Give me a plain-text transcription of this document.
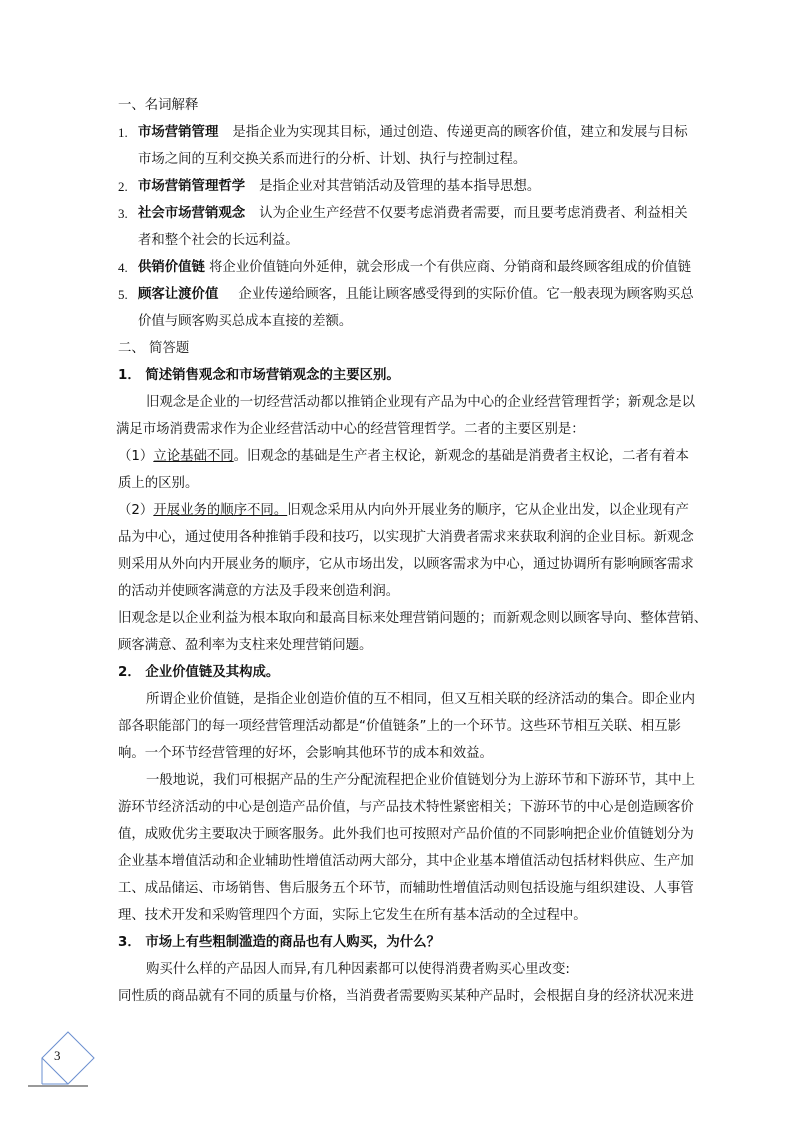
一、名词解释
1. 市场营销管理 是指企业为实现其目标，通过创造、传递更高的顾客价值，建立和发展与目标
市场之间的互利交换关系而进行的分析、计划、执行与控制过程。
2. 市场营销管理哲学 是指企业对其营销活动及管理的基本指导思想。
3. 社会市场营销观念 认为企业生产经营不仅要考虑消费者需要，而且要考虑消费者、利益相关
者和整个社会的长远利益。
4. 供销价值链 将企业价值链向外延伸，就会形成一个有供应商、分销商和最终顾客组成的价值链
5. 顾客让渡价值 企业传递给顾客，且能让顾客感受得到的实际价值。它一般表现为顾客购买总
价值与顾客购买总成本直接的差额。
二、 简答题
1． 简述销售观念和市场营销观念的主要区别。
旧观念是企业的一切经营活动都以推销企业现有产品为中心的企业经营管理哲学；新观念是以
满足市场消费需求作为企业经营活动中心的经营管理哲学。二者的主要区别是：
（1）立论基础不同。旧观念的基础是生产者主权论，新观念的基础是消费者主权论，二者有着本
质上的区别。
（2）开展业务的顺序不同。旧观念采用从内向外开展业务的顺序，它从企业出发，以企业现有产
品为中心，通过使用各种推销手段和技巧，以实现扩大消费者需求来获取利润的企业目标。新观念
则采用从外向内开展业务的顺序，它从市场出发，以顾客需求为中心，通过协调所有影响顾客需求
的活动并使顾客满意的方法及手段来创造利润。
旧观念是以企业利益为根本取向和最高目标来处理营销问题的；而新观念则以顾客导向、整体营销、
顾客满意、盈利率为支柱来处理营销问题。
2． 企业价值链及其构成。
所谓企业价值链，是指企业创造价值的互不相同，但又互相关联的经济活动的集合。即企业内
部各职能部门的每一项经营管理活动都是“价值链条”上的一个环节。这些环节相互关联、相互影
响。一个环节经营管理的好坏，会影响其他环节的成本和效益。
一般地说，我们可根据产品的生产分配流程把企业价值链划分为上游环节和下游环节，其中上
游环节经济活动的中心是创造产品价值，与产品技术特性紧密相关；下游环节的中心是创造顾客价
值，成败优劣主要取决于顾客服务。此外我们也可按照对产品价值的不同影响把企业价值链划分为
企业基本增值活动和企业辅助性增值活动两大部分，其中企业基本增值活动包括材料供应、生产加
工、成品储运、市场销售、售后服务五个环节，而辅助性增值活动则包括设施与组织建设、人事管
理、技术开发和采购管理四个方面，实际上它发生在所有基本活动的全过程中。
3． 市场上有些粗制滥造的商品也有人购买，为什么？
购买什么样的产品因人而异,有几种因素都可以使得消费者购买心里改变:
同性质的商品就有不同的质量与价格，当消费者需要购买某种产品时，会根据自身的经济状况来进
3
